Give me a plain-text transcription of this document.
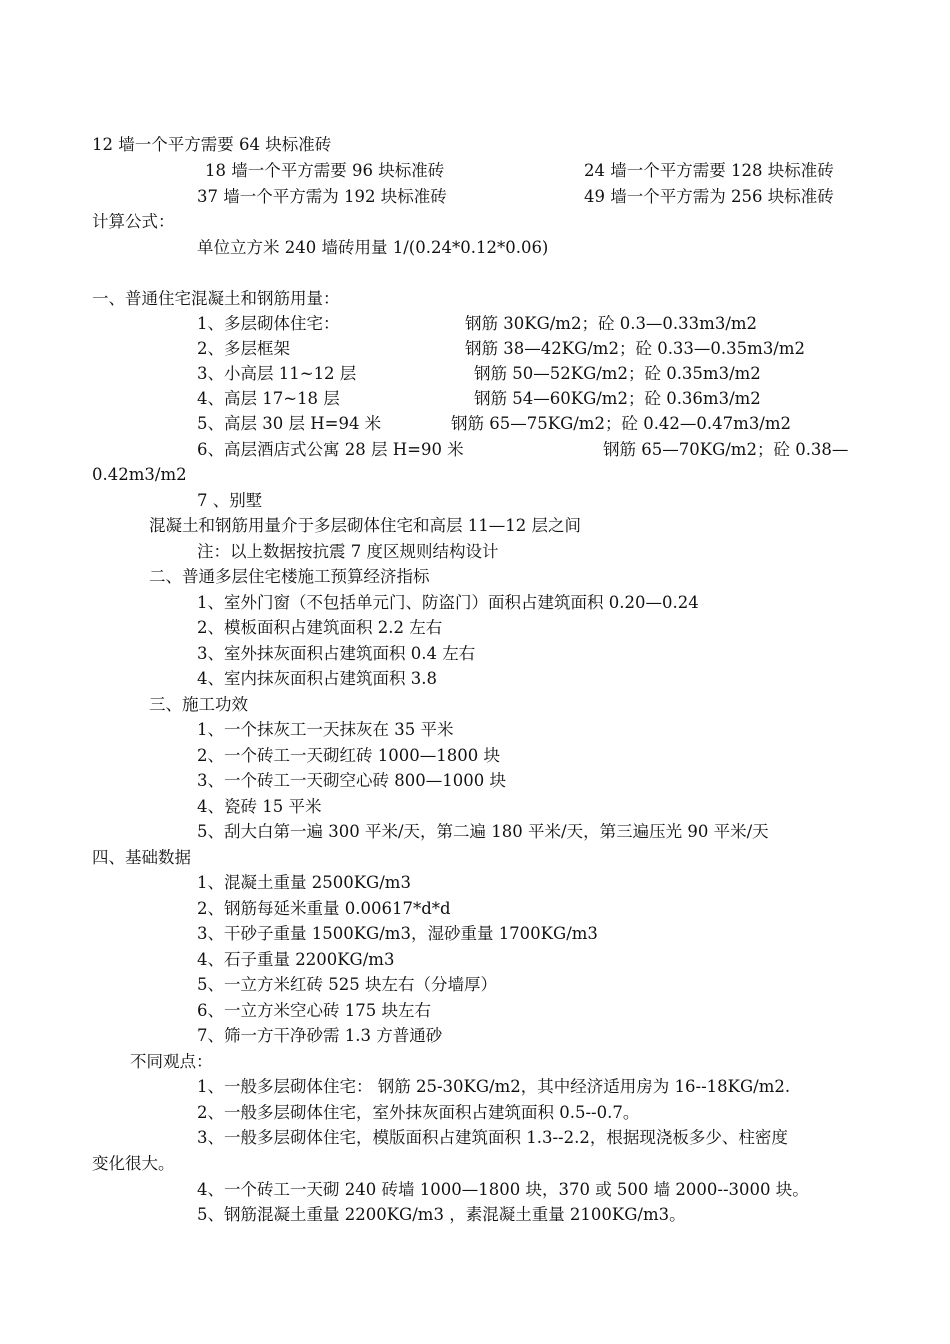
12 墙一个平方需要 64 块标准砖
18 墙一个平方需要 96 块标准砖	24 墙一个平方需要 128 块标准砖
37 墙一个平方需为 192 块标准砖	49 墙一个平方需为 256 块标准砖
计算公式：
单位立方米 240 墙砖用量 1/(0.24*0.12*0.06)
一、普通住宅混凝土和钢筋用量：
1、多层砌体住宅：	钢筋 30KG/m2；砼 0.3—0.33m3/m2
2、多层框架	钢筋 38—42KG/m2；砼 0.33—0.35m3/m2
3、小高层 11~12 层	钢筋 50—52KG/m2；砼 0.35m3/m2
4、高层 17~18 层	钢筋 54—60KG/m2；砼 0.36m3/m2
5、高层 30 层 H=94 米	钢筋 65—75KG/m2；砼 0.42—0.47m3/m2
6、高层酒店式公寓 28 层 H=90 米	钢筋 65—70KG/m2；砼 0.38—
0.42m3/m2
7 、别墅
混凝土和钢筋用量介于多层砌体住宅和高层 11—12 层之间
注：以上数据按抗震 7 度区规则结构设计
二、普通多层住宅楼施工预算经济指标
1、室外门窗（不包括单元门、防盗门）面积占建筑面积 0.20—0.24
2、模板面积占建筑面积 2.2 左右
3、室外抹灰面积占建筑面积 0.4 左右
4、室内抹灰面积占建筑面积 3.8
三、施工功效
1、一个抹灰工一天抹灰在 35 平米
2、一个砖工一天砌红砖 1000—1800 块
3、一个砖工一天砌空心砖 800—1000 块
4、瓷砖 15 平米
5、刮大白第一遍 300 平米/天，第二遍 180 平米/天，第三遍压光 90 平米/天
四、基础数据
1、混凝土重量 2500KG/m3
2、钢筋每延米重量 0.00617*d*d
3、干砂子重量 1500KG/m3，湿砂重量 1700KG/m3
4、石子重量 2200KG/m3
5、一立方米红砖 525 块左右（分墙厚）
6、一立方米空心砖 175 块左右
7、筛一方干净砂需 1.3 方普通砂
不同观点：
1、一般多层砌体住宅： 钢筋 25-30KG/m2，其中经济适用房为 16--18KG/m2.
2、一般多层砌体住宅，室外抹灰面积占建筑面积 0.5--0.7。
3、一般多层砌体住宅，模版面积占建筑面积 1.3--2.2，根据现浇板多少、柱密度
变化很大。
4、一个砖工一天砌 240 砖墙 1000—1800 块，370 或 500 墙 2000--3000 块。
5、钢筋混凝土重量 2200KG/m3 ，素混凝土重量 2100KG/m3。
